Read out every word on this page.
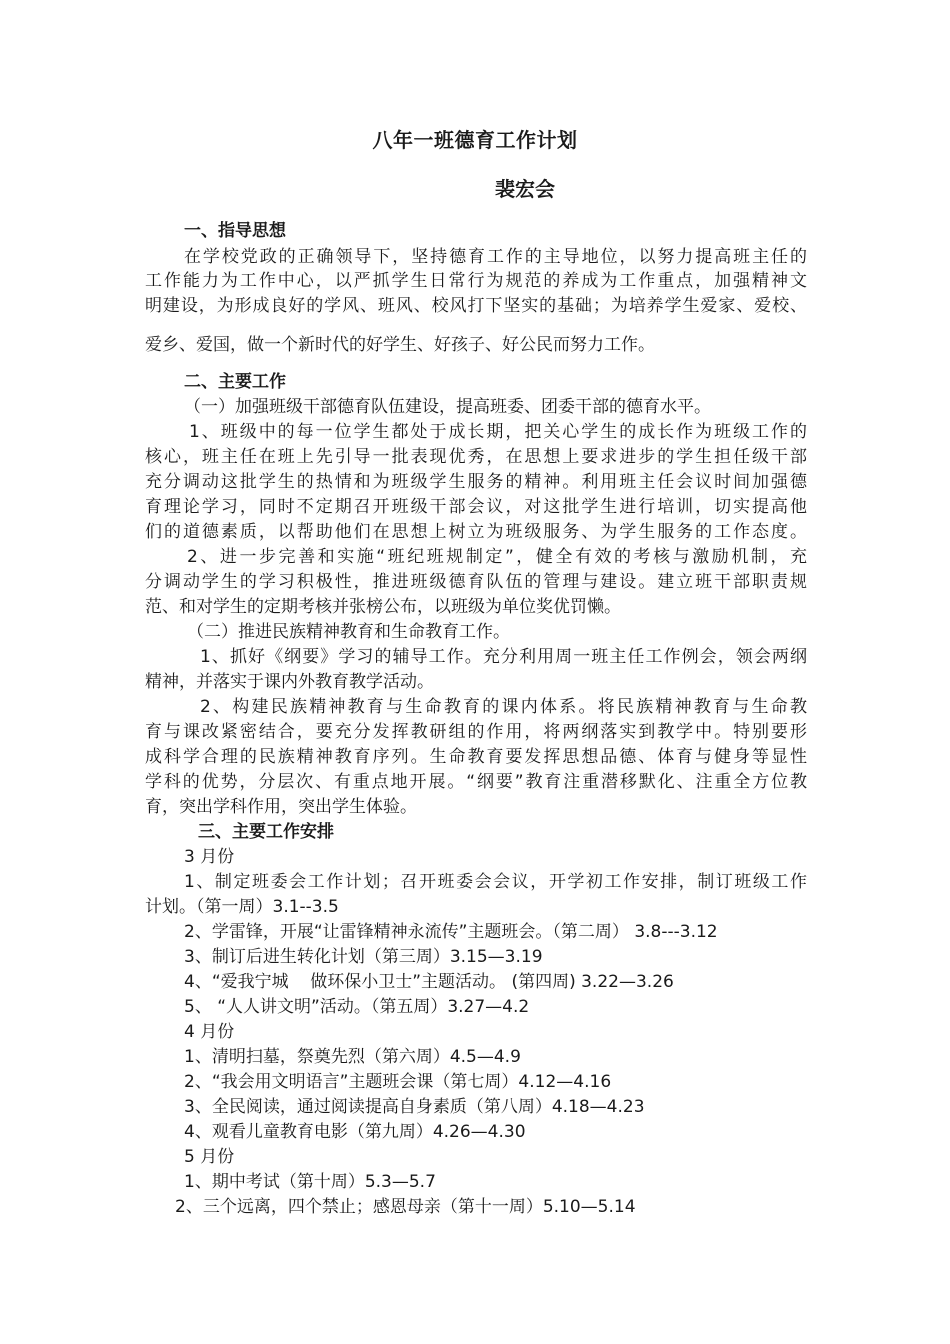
八年一班德育工作计划
裴宏会
一、指导思想
在学校党政的正确领导下，坚持德育工作的主导地位，以努力提高班主任的
工作能力为工作中心，以严抓学生日常行为规范的养成为工作重点，加强精神文
明建设，为形成良好的学风、班风、校风打下坚实的基础；为培养学生爱家、爱校、
爱乡、爱国，做一个新时代的好学生、好孩子、好公民而努力工作。
二、主要工作
（一）加强班级干部德育队伍建设，提高班委、团委干部的德育水平。
1、班级中的每一位学生都处于成长期，把关心学生的成长作为班级工作的
核心，班主任在班上先引导一批表现优秀，在思想上要求进步的学生担任级干部
充分调动这批学生的热情和为班级学生服务的精神。利用班主任会议时间加强德
育理论学习，同时不定期召开班级干部会议，对这批学生进行培训，切实提高他
们的道德素质，以帮助他们在思想上树立为班级服务、为学生服务的工作态度。
2、进一步完善和实施“班纪班规制定”，健全有效的考核与激励机制，充
分调动学生的学习积极性，推进班级德育队伍的管理与建设。建立班干部职责规
范、和对学生的定期考核并张榜公布，以班级为单位奖优罚懒。
（二）推进民族精神教育和生命教育工作。
1、抓好《纲要》学习的辅导工作。充分利用周一班主任工作例会，领会两纲
精神，并落实于课内外教育教学活动。
2、构建民族精神教育与生命教育的课内体系。将民族精神教育与生命教
育与课改紧密结合，要充分发挥教研组的作用，将两纲落实到教学中。特别要形
成科学合理的民族精神教育序列。生命教育要发挥思想品德、体育与健身等显性
学科的优势，分层次、有重点地开展。“纲要”教育注重潜移默化、注重全方位教
育，突出学科作用，突出学生体验。
三、主要工作安排
3 月份
1、制定班委会工作计划；召开班委会会议，开学初工作安排，制订班级工作
计划。（第一周）3.1--3.5
2、学雷锋，开展“让雷锋精神永流传”主题班会。（第二周） 3.8---3.12
3、制订后进生转化计划（第三周）3.15—3.19
4、“爱我宁城    做环保小卫士”主题活动。 (第四周) 3.22—3.26
5、 “人人讲文明”活动。（第五周）3.27—4.2
4 月份
1、清明扫墓，祭奠先烈（第六周）4.5—4.9
2、“我会用文明语言”主题班会课（第七周）4.12—4.16
3、全民阅读，通过阅读提高自身素质（第八周）4.18—4.23
4、观看儿童教育电影（第九周）4.26—4.30
5 月份
1、期中考试（第十周）5.3—5.7
2、三个远离，四个禁止；感恩母亲（第十一周）5.10—5.14
